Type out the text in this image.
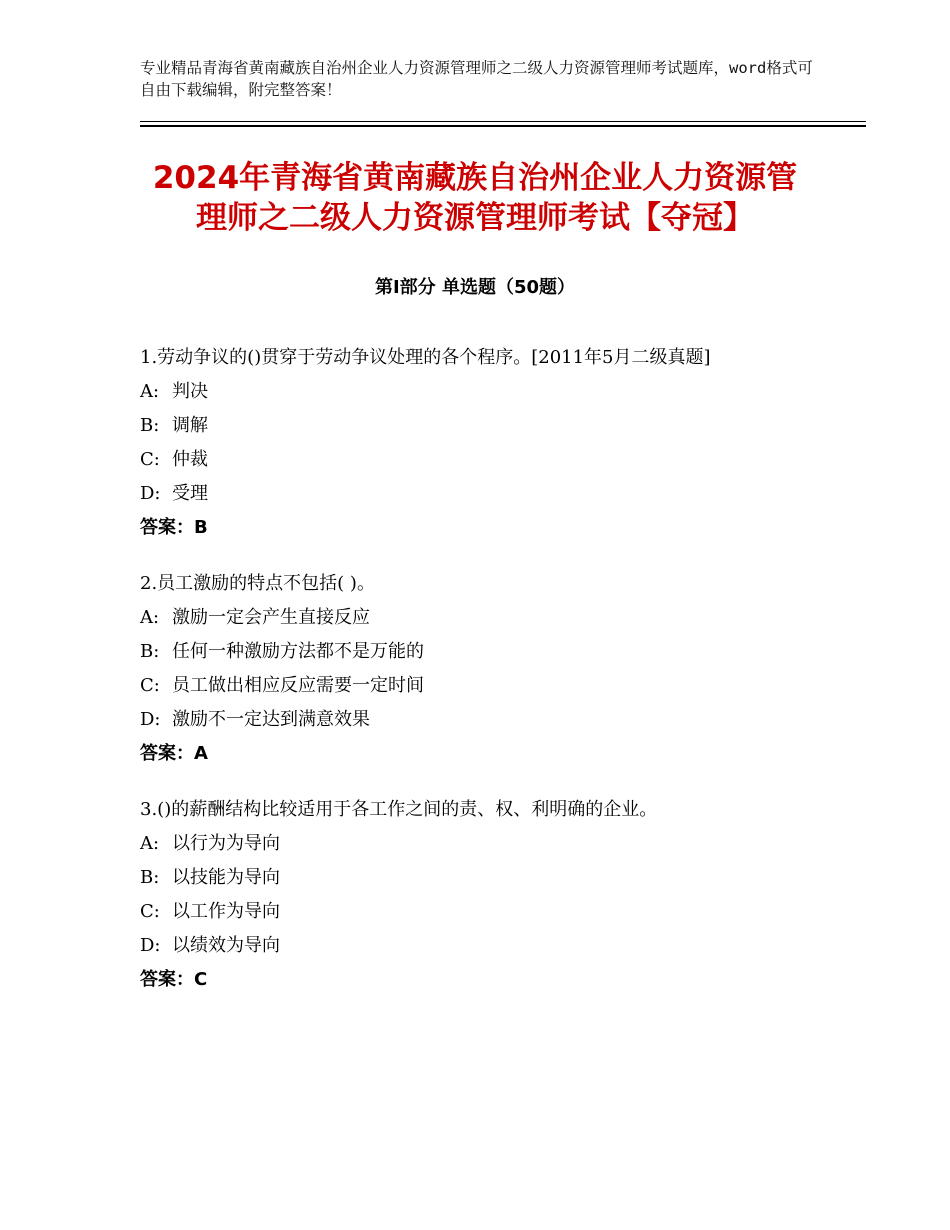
专业精品青海省黄南藏族自治州企业人力资源管理师之二级人力资源管理师考试题库，word格式可自由下载编辑，附完整答案！
2024年青海省黄南藏族自治州企业人力资源管理师之二级人力资源管理师考试【夺冠】
第Ⅰ部分 单选题（50题）

1.劳动争议的()贯穿于劳动争议处理的各个程序。[2011年5月二级真题]

A: 判决

B: 调解

C: 仲裁

D: 受理

答案：B

2.员工激励的特点不包括( )。

A: 激励一定会产生直接反应

B: 任何一种激励方法都不是万能的

C: 员工做出相应反应需要一定时间

D: 激励不一定达到满意效果

答案：A

3.()的薪酬结构比较适用于各工作之间的责、权、利明确的企业。

A: 以行为为导向

B: 以技能为导向

C: 以工作为导向

D: 以绩效为导向

答案：C
